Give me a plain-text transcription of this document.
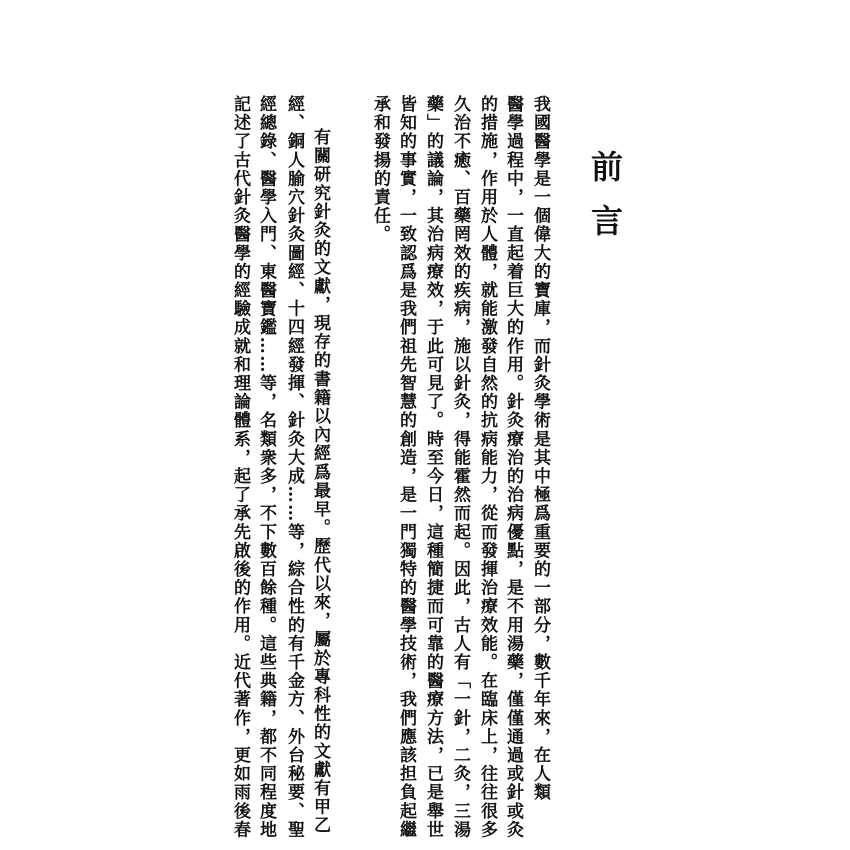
前言
我國醫學是一個偉大的寶庫，而針灸學術是其中極爲重要的一部分，數千年來，在人類
醫學過程中，一直起着巨大的作用。針灸療治的治病優點，是不用湯藥，僅僅通過或針或灸
的措施，作用於人體，就能激發自然的抗病能力，從而發揮治療效能。在臨床上，往往很多
久治不癒、百藥罔效的疾病，施以針灸，得能霍然而起。因此，古人有「一針，二灸，三湯
藥」的議論，其治病療效，于此可見了。時至今日，這種簡捷而可靠的醫療方法，已是舉世
皆知的事實，一致認爲是我們祖先智慧的創造，是一門獨特的醫學技術，我們應該担負起繼
承和發揚的責任。
有關研究針灸的文獻，現存的書籍以內經爲最早。歷代以來，屬於專科性的文獻有甲乙
經、銅人腧穴針灸圖經、十四經發揮、針灸大成……等，綜合性的有千金方、外台秘要、聖
經總錄、醫學入門、東醫寶鑑……等，名類衆多，不下數百餘種。這些典籍，都不同程度地
記述了古代針灸醫學的經驗成就和理論體系，起了承先啟後的作用。近代著作，更如雨後春
